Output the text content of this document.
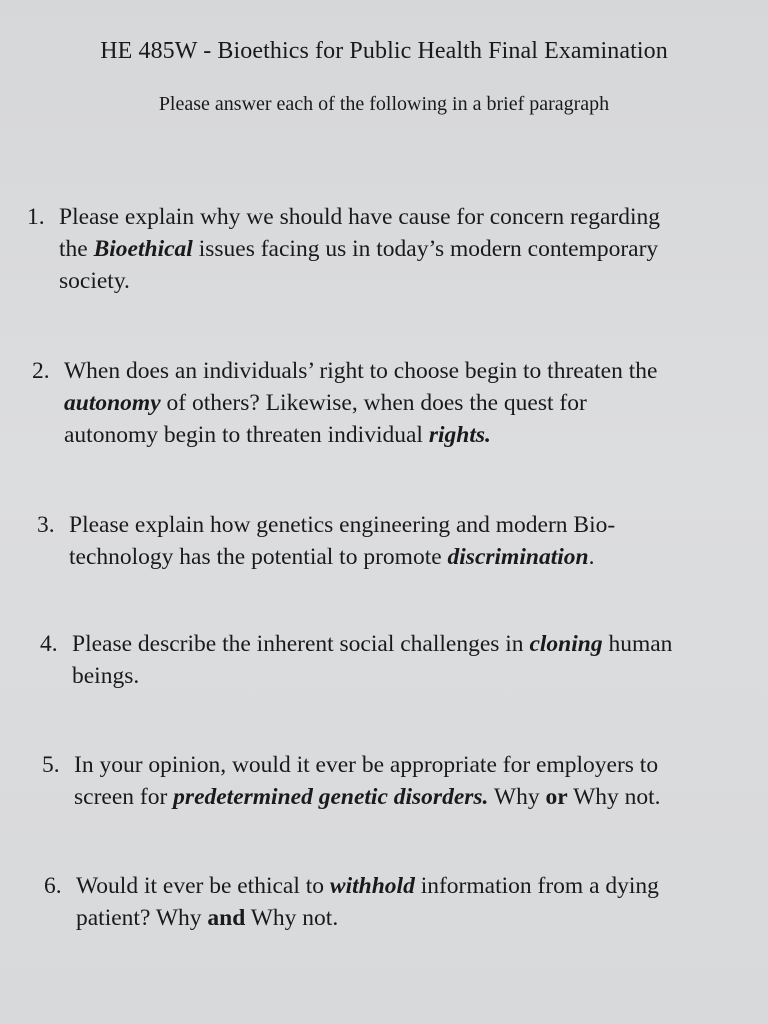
HE 485W - Bioethics for Public Health Final Examination
Please answer each of the following in a brief paragraph
1. Please explain why we should have cause for concern regarding
the Bioethical issues facing us in today’s modern contemporary
society.
2. When does an individuals’ right to choose begin to threaten the
autonomy of others? Likewise, when does the quest for
autonomy begin to threaten individual rights.
3. Please explain how genetics engineering and modern Bio-
technology has the potential to promote discrimination.
4. Please describe the inherent social challenges in cloning human
beings.
5. In your opinion, would it ever be appropriate for employers to
screen for predetermined genetic disorders. Why or Why not.
6. Would it ever be ethical to withhold information from a dying
patient? Why and Why not.
